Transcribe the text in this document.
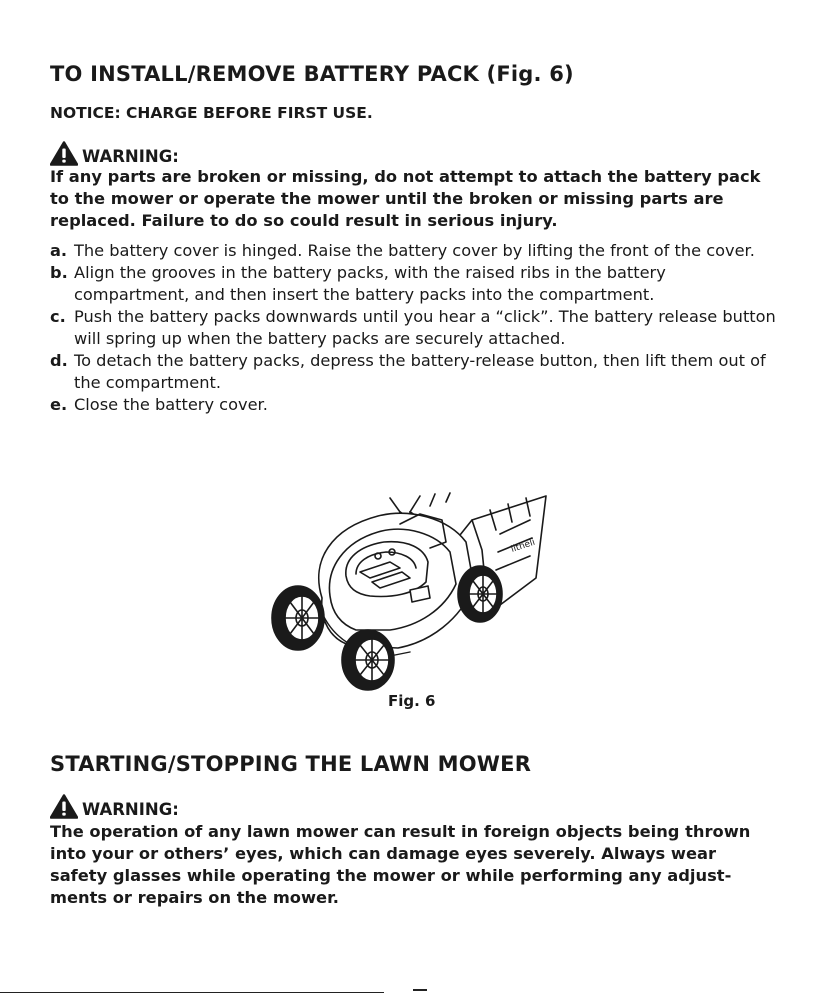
TO INSTALL/REMOVE BATTERY PACK (Fig. 6)

NOTICE: CHARGE BEFORE FIRST USE.

WARNING:

If any parts are broken or missing, do not attempt to attach the battery pack to the mower or operate the mower until the broken or missing parts are replaced. Failure to do so could result in serious injury.

a. The battery cover is hinged. Raise the battery cover by lifting the front of the cover.
b. Align the grooves in the battery packs, with the raised ribs in the battery compartment, and then insert the battery packs into the compartment.
c. Push the battery packs downwards until you hear a “click”. The battery release button will spring up when the battery packs are securely attached.
d. To detach the battery packs, depress the battery-release button, then lift them out of the compartment.
e. Close the battery cover.
litheli

Fig. 6

STARTING/STOPPING THE LAWN MOWER
WARNING:

The operation of any lawn mower can result in foreign objects being thrown into your or others’ eyes, which can damage eyes severely. Always wear safety glasses while operating the mower or while performing any adjust-ments or repairs on the mower.
